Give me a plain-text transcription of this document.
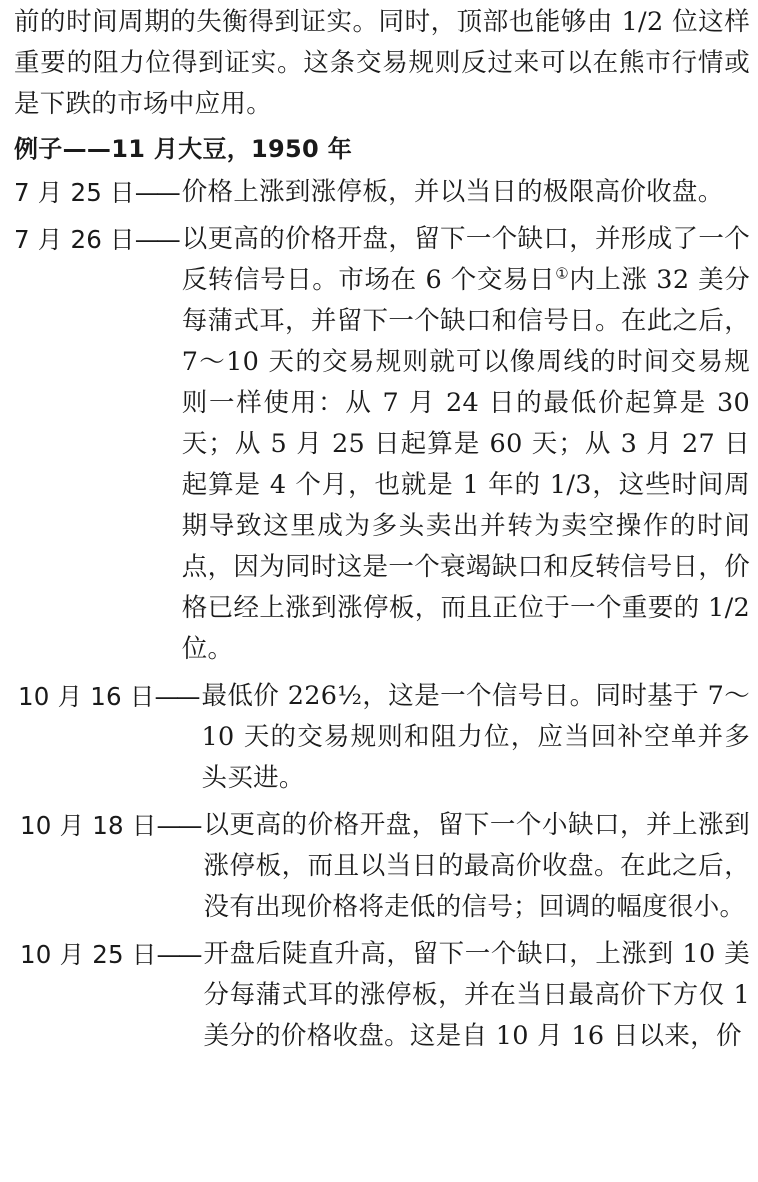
前的时间周期的失衡得到证实。同时，顶部也能够由 1/2 位这样重要的阻力位得到证实。这条交易规则反过来可以在熊市行情或是下跌的市场中应用。

例子——11 月大豆，1950 年

7 月 25 日—— 价格上涨到涨停板，并以当日的极限高价收盘。
7 月 26 日—— 以更高的价格开盘，留下一个缺口，并形成了一个反转信号日。市场在 6 个交易日①内上涨 32 美分每蒲式耳，并留下一个缺口和信号日。在此之后，7～10 天的交易规则就可以像周线的时间交易规则一样使用：从 7 月 24 日的最低价起算是 30 天；从 5 月 25 日起算是 60 天；从 3 月 27 日起算是 4 个月，也就是 1 年的 1/3，这些时间周期导致这里成为多头卖出并转为卖空操作的时间点，因为同时这是一个衰竭缺口和反转信号日，价格已经上涨到涨停板，而且正位于一个重要的 1/2 位。
10 月 16 日—— 最低价 226½，这是一个信号日。同时基于 7～10 天的交易规则和阻力位，应当回补空单并多头买进。
10 月 18 日—— 以更高的价格开盘，留下一个小缺口，并上涨到涨停板，而且以当日的最高价收盘。在此之后，没有出现价格将走低的信号；回调的幅度很小。
10 月 25 日—— 开盘后陡直升高，留下一个缺口，上涨到 10 美分每蒲式耳的涨停板，并在当日最高价下方仅 1 美分的价格收盘。这是自 10 月 16 日以来，价
